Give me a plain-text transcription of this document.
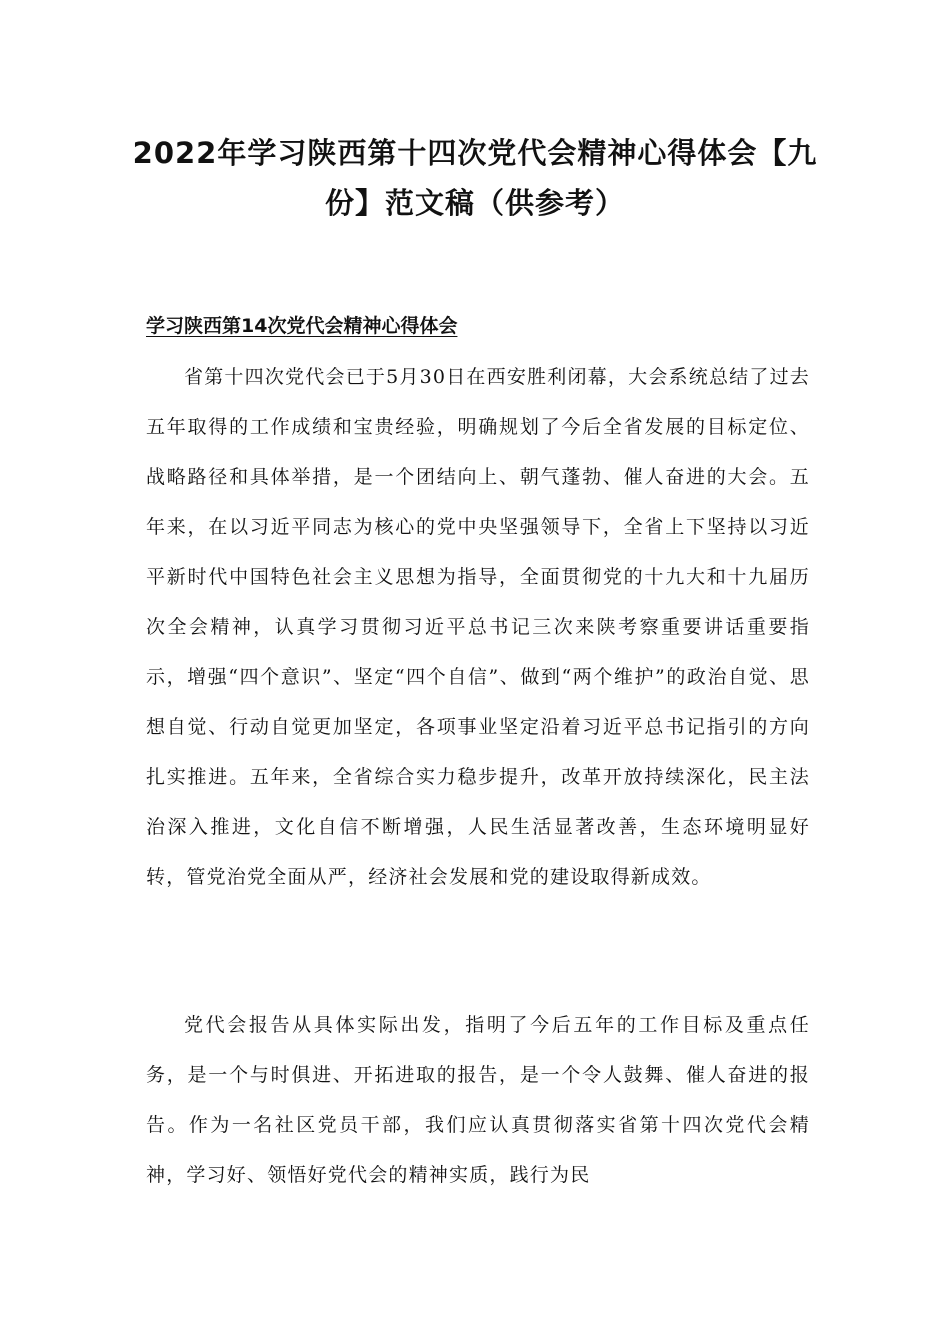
2022年学习陕西第十四次党代会精神心得体会【九份】范文稿（供参考）
学习陕西第14次党代会精神心得体会

省第十四次党代会已于5月30日在西安胜利闭幕，大会系统总结了过去五年取得的工作成绩和宝贵经验，明确规划了今后全省发展的目标定位、战略路径和具体举措，是一个团结向上、朝气蓬勃、催人奋进的大会。五年来，在以习近平同志为核心的党中央坚强领导下，全省上下坚持以习近平新时代中国特色社会主义思想为指导，全面贯彻党的十九大和十九届历次全会精神，认真学习贯彻习近平总书记三次来陕考察重要讲话重要指示，增强“四个意识”、坚定“四个自信”、做到“两个维护”的政治自觉、思想自觉、行动自觉更加坚定，各项事业坚定沿着习近平总书记指引的方向扎实推进。五年来，全省综合实力稳步提升，改革开放持续深化，民主法治深入推进，文化自信不断增强，人民生活显著改善，生态环境明显好转，管党治党全面从严，经济社会发展和党的建设取得新成效。

党代会报告从具体实际出发，指明了今后五年的工作目标及重点任务，是一个与时俱进、开拓进取的报告，是一个令人鼓舞、催人奋进的报告。作为一名社区党员干部，我们应认真贯彻落实省第十四次党代会精神，学习好、领悟好党代会的精神实质，践行为民
